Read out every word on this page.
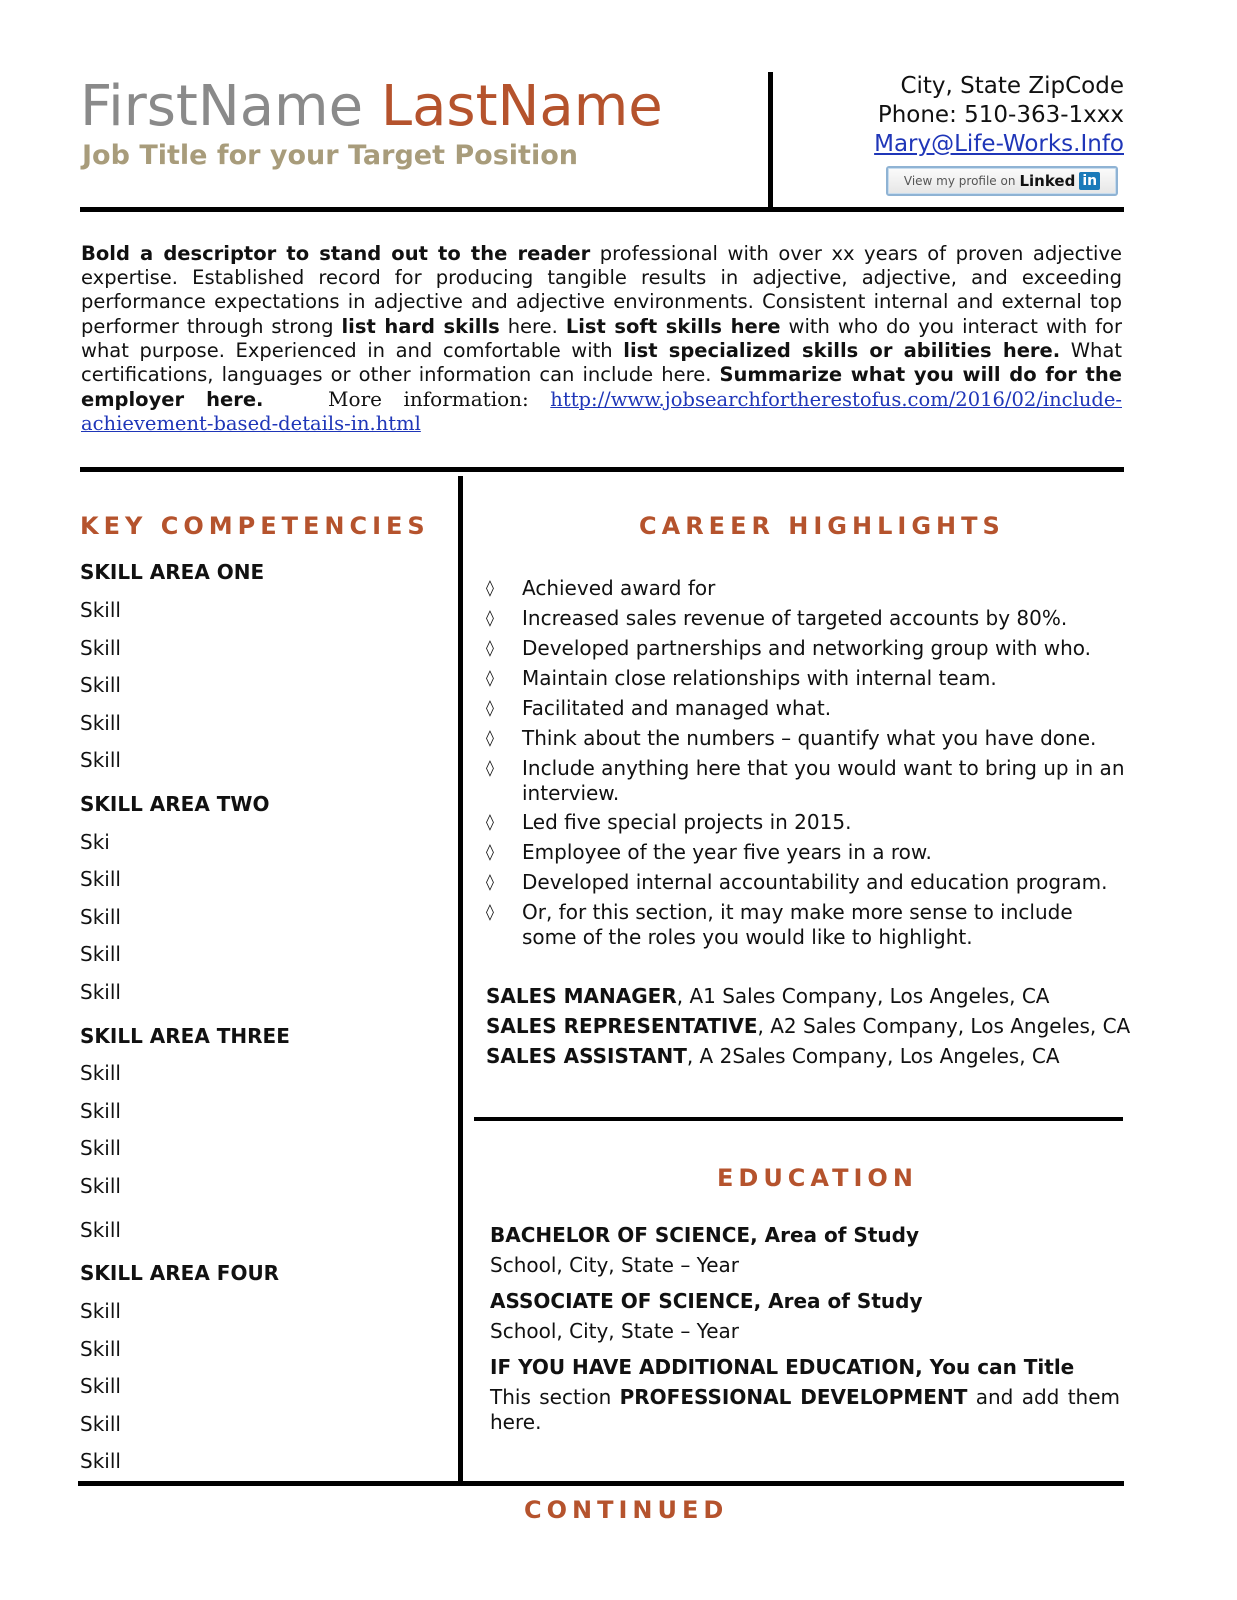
FirstName LastName
Job Title for your Target Position
City, State ZipCode
Phone: 510-363-1xxx
Mary@Life-Works.Info
View my profile on Linked in
Bold a descriptor to stand out to the reader professional with over xx years of proven adjective expertise. Established record for producing tangible results in adjective, adjective, and exceeding performance expectations in adjective and adjective environments. Consistent internal and external top performer through strong list hard skills here. List soft skills here with who do you interact with for what purpose. Experienced in and comfortable with list specialized skills or abilities here. What certifications, languages or other information can include here. Summarize what you will do for the employer here.   More information: http://www.jobsearchfortherestofus.com/2016/02/include-achievement-based-details-in.html
KEY COMPETENCIES
SKILL AREA ONE
Skill
Skill
Skill
Skill
Skill
SKILL AREA TWO
Ski
Skill
Skill
Skill
Skill
SKILL AREA THREE
Skill
Skill
Skill
Skill
Skill
SKILL AREA FOUR
Skill
Skill
Skill
Skill
Skill
CAREER HIGHLIGHTS
◊ Achieved award for
◊ Increased sales revenue of targeted accounts by 80%.
◊ Developed partnerships and networking group with who.
◊ Maintain close relationships with internal team.
◊ Facilitated and managed what.
◊ Think about the numbers – quantify what you have done.
◊ Include anything here that you would want to bring up in an interview.
◊ Led five special projects in 2015.
◊ Employee of the year five years in a row.
◊ Developed internal accountability and education program.
◊ Or, for this section, it may make more sense to include some of the roles you would like to highlight.
SALES MANAGER, A1 Sales Company, Los Angeles, CA
SALES REPRESENTATIVE, A2 Sales Company, Los Angeles, CA
SALES ASSISTANT, A 2Sales Company, Los Angeles, CA
EDUCATION
BACHELOR OF SCIENCE, Area of Study
School, City, State – Year
ASSOCIATE OF SCIENCE, Area of Study
School, City, State – Year
IF YOU HAVE ADDITIONAL EDUCATION, You can Title
This section PROFESSIONAL DEVELOPMENT and add them here.
CONTINUED
